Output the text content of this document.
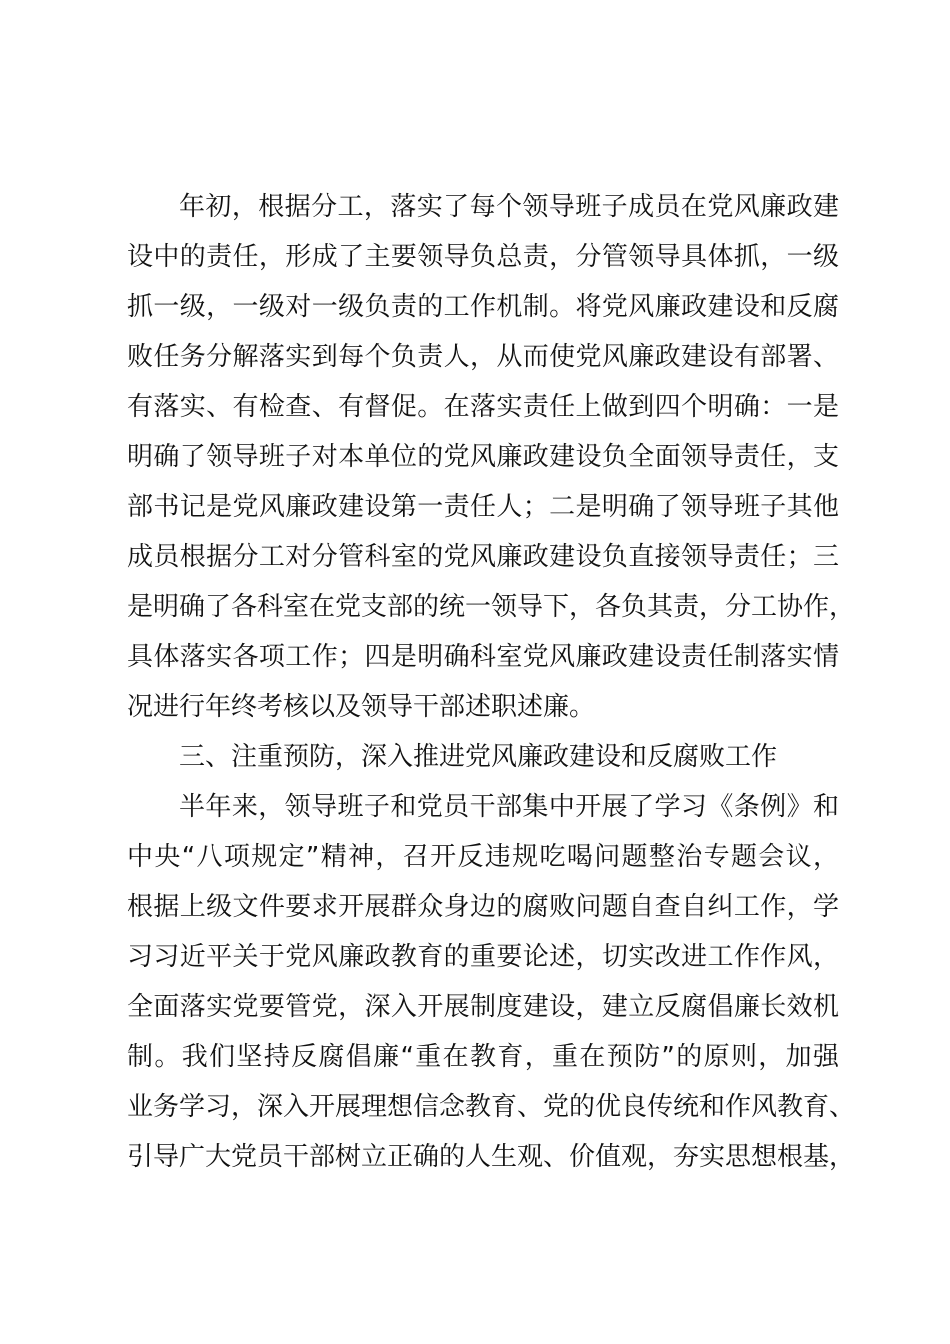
年初，根据分工，落实了每个领导班子成员在党风廉政建
设中的责任，形成了主要领导负总责，分管领导具体抓，一级
抓一级，一级对一级负责的工作机制。将党风廉政建设和反腐
败任务分解落实到每个负责人，从而使党风廉政建设有部署、
有落实、有检查、有督促。在落实责任上做到四个明确：一是
明确了领导班子对本单位的党风廉政建设负全面领导责任，支
部书记是党风廉政建设第一责任人；二是明确了领导班子其他
成员根据分工对分管科室的党风廉政建设负直接领导责任；三
是明确了各科室在党支部的统一领导下，各负其责，分工协作，
具体落实各项工作；四是明确科室党风廉政建设责任制落实情
况进行年终考核以及领导干部述职述廉。
三、注重预防，深入推进党风廉政建设和反腐败工作
半年来，领导班子和党员干部集中开展了学习《条例》和
中央“八项规定”精神，召开反违规吃喝问题整治专题会议，
根据上级文件要求开展群众身边的腐败问题自查自纠工作，学
习习近平关于党风廉政教育的重要论述，切实改进工作作风，
全面落实党要管党，深入开展制度建设，建立反腐倡廉长效机
制。我们坚持反腐倡廉“重在教育，重在预防”的原则，加强
业务学习，深入开展理想信念教育、党的优良传统和作风教育、
引导广大党员干部树立正确的人生观、价值观，夯实思想根基，
